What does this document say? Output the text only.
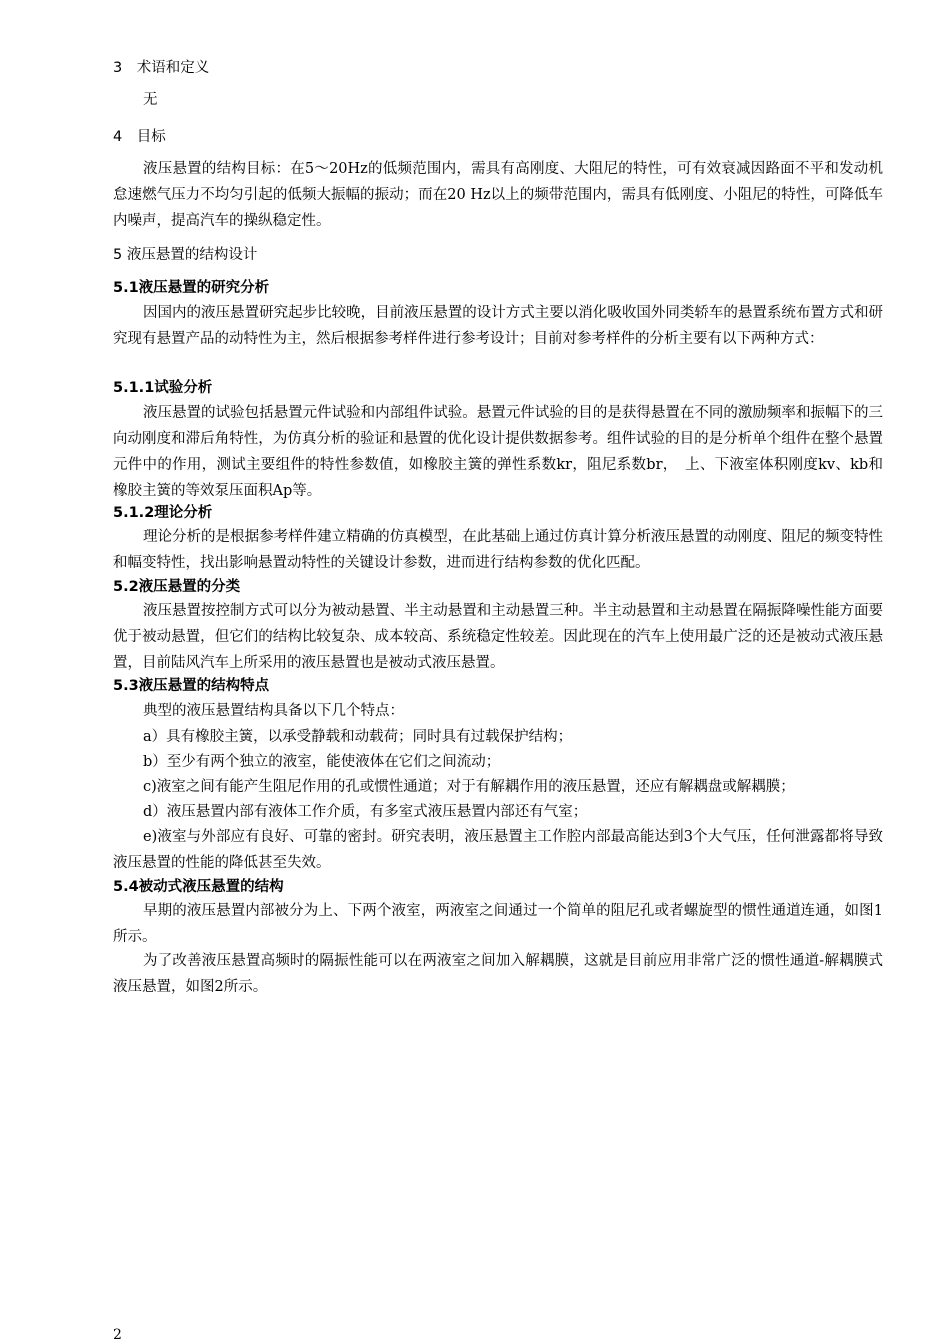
3　术语和定义
无
4　目标
液压悬置的结构目标：在5～20Hz的低频范围内，需具有高刚度、大阻尼的特性，可有效衰减因路面不平和发动机怠速燃气压力不均匀引起的低频大振幅的振动；而在20 Hz以上的频带范围内，需具有低刚度、小阻尼的特性，可降低车内噪声，提高汽车的操纵稳定性。
5 液压悬置的结构设计
5.1液压悬置的研究分析
因国内的液压悬置研究起步比较晚，目前液压悬置的设计方式主要以消化吸收国外同类轿车的悬置系统布置方式和研究现有悬置产品的动特性为主，然后根据参考样件进行参考设计；目前对参考样件的分析主要有以下两种方式：
5.1.1试验分析
液压悬置的试验包括悬置元件试验和内部组件试验。悬置元件试验的目的是获得悬置在不同的激励频率和振幅下的三向动刚度和滞后角特性，为仿真分析的验证和悬置的优化设计提供数据参考。组件试验的目的是分析单个组件在整个悬置元件中的作用，测试主要组件的特性参数值，如橡胶主簧的弹性系数kr，阻尼系数br，　上、下液室体积刚度kv、kb和橡胶主簧的等效泵压面积Ap等。
5.1.2理论分析
理论分析的是根据参考样件建立精确的仿真模型，在此基础上通过仿真计算分析液压悬置的动刚度、阻尼的频变特性和幅变特性，找出影响悬置动特性的关键设计参数，进而进行结构参数的优化匹配。
5.2液压悬置的分类
液压悬置按控制方式可以分为被动悬置、半主动悬置和主动悬置三种。半主动悬置和主动悬置在隔振降噪性能方面要优于被动悬置，但它们的结构比较复杂、成本较高、系统稳定性较差。因此现在的汽车上使用最广泛的还是被动式液压悬置，目前陆风汽车上所采用的液压悬置也是被动式液压悬置。
5.3液压悬置的结构特点
典型的液压悬置结构具备以下几个特点：
a）具有橡胶主簧，以承受静载和动载荷；同时具有过载保护结构；
b）至少有两个独立的液室，能使液体在它们之间流动；
c)液室之间有能产生阻尼作用的孔或惯性通道；对于有解耦作用的液压悬置，还应有解耦盘或解耦膜；
d）液压悬置内部有液体工作介质，有多室式液压悬置内部还有气室；
e)液室与外部应有良好、可靠的密封。研究表明，液压悬置主工作腔内部最高能达到3个大气压，任何泄露都将导致液压悬置的性能的降低甚至失效。
5.4被动式液压悬置的结构
早期的液压悬置内部被分为上、下两个液室，两液室之间通过一个简单的阻尼孔或者螺旋型的惯性通道连通，如图1所示。
为了改善液压悬置高频时的隔振性能可以在两液室之间加入解耦膜，这就是目前应用非常广泛的惯性通道-解耦膜式液压悬置，如图2所示。
2
